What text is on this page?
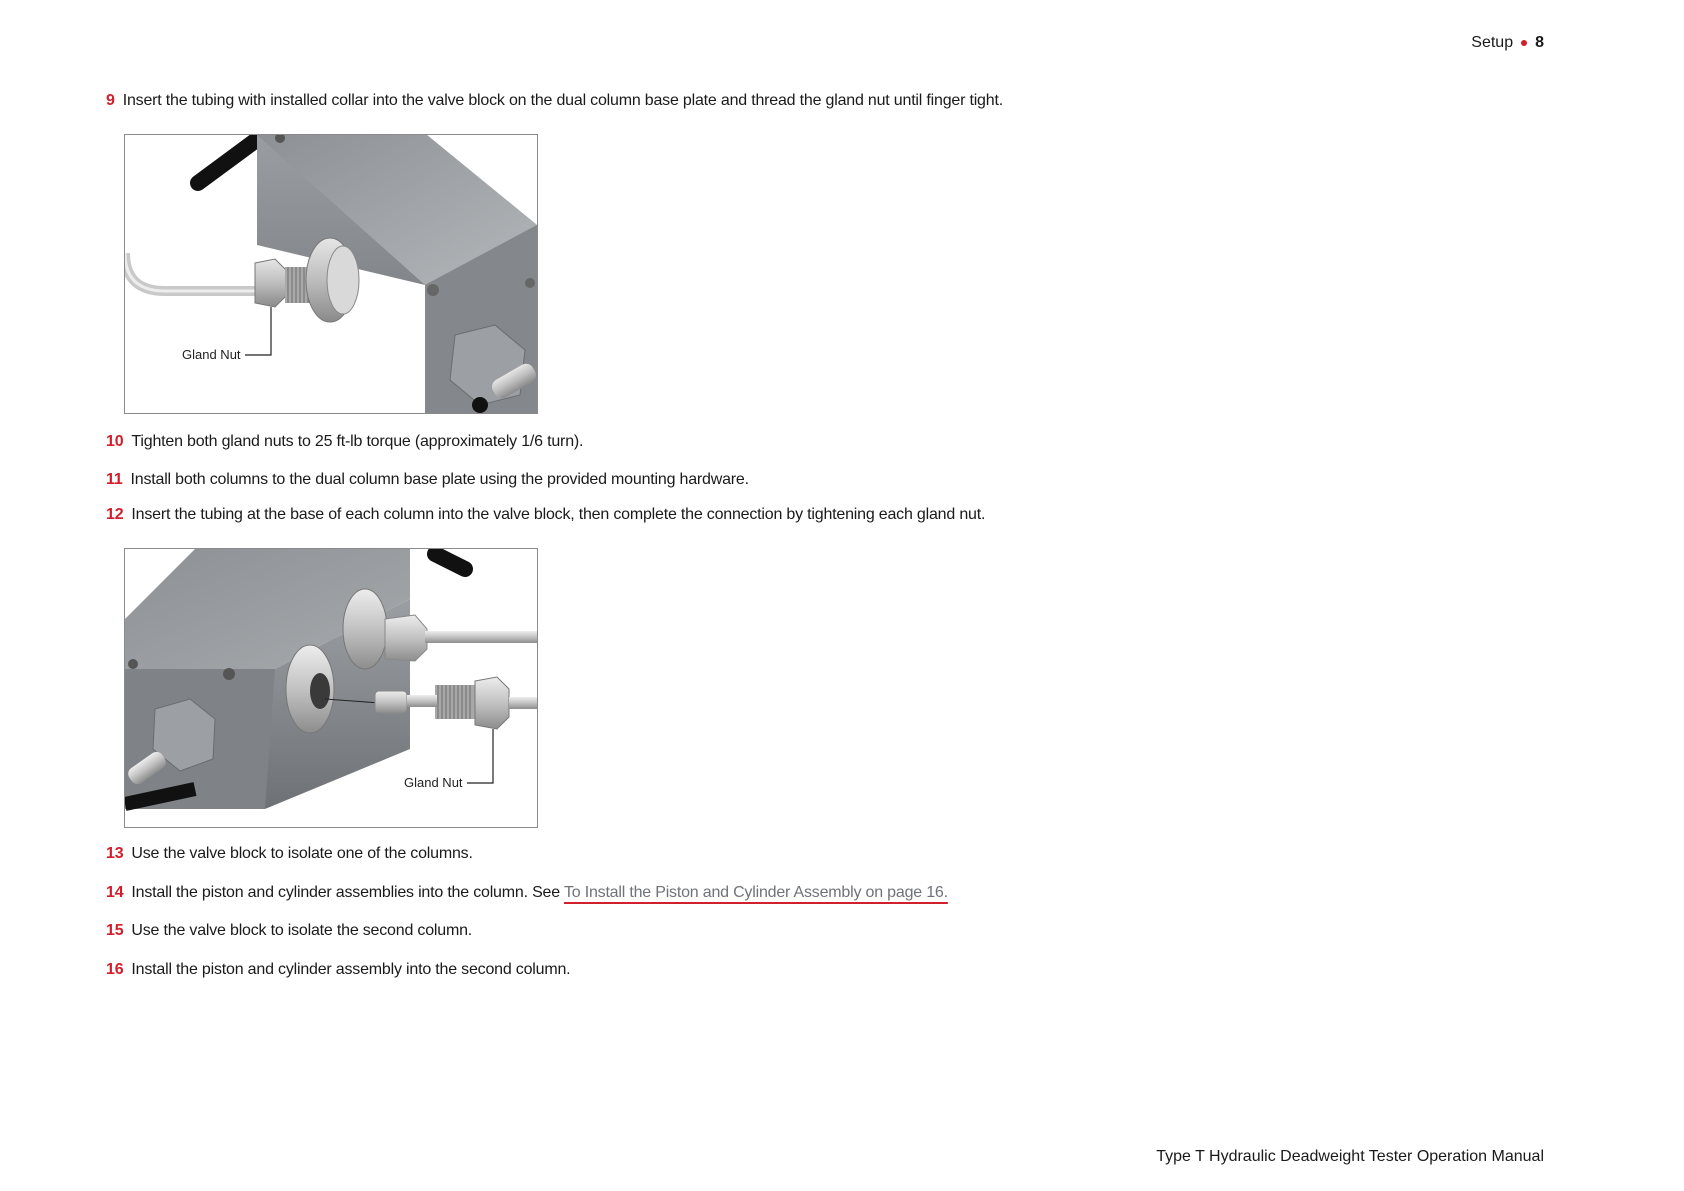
Setup 8
9 Insert the tubing with installed collar into the valve block on the dual column base plate and thread the gland nut until finger tight.
Gland Nut
10 Tighten both gland nuts to 25 ft-lb torque (approximately 1/6 turn).
11 Install both columns to the dual column base plate using the provided mounting hardware.
12 Insert the tubing at the base of each column into the valve block, then complete the connection by tightening each gland nut.
Gland Nut
13 Use the valve block to isolate one of the columns.
14 Install the piston and cylinder assemblies into the column. See To Install the Piston and Cylinder Assembly on page 16.
15 Use the valve block to isolate the second column.
16 Install the piston and cylinder assembly into the second column.
Type T Hydraulic Deadweight Tester Operation Manual
